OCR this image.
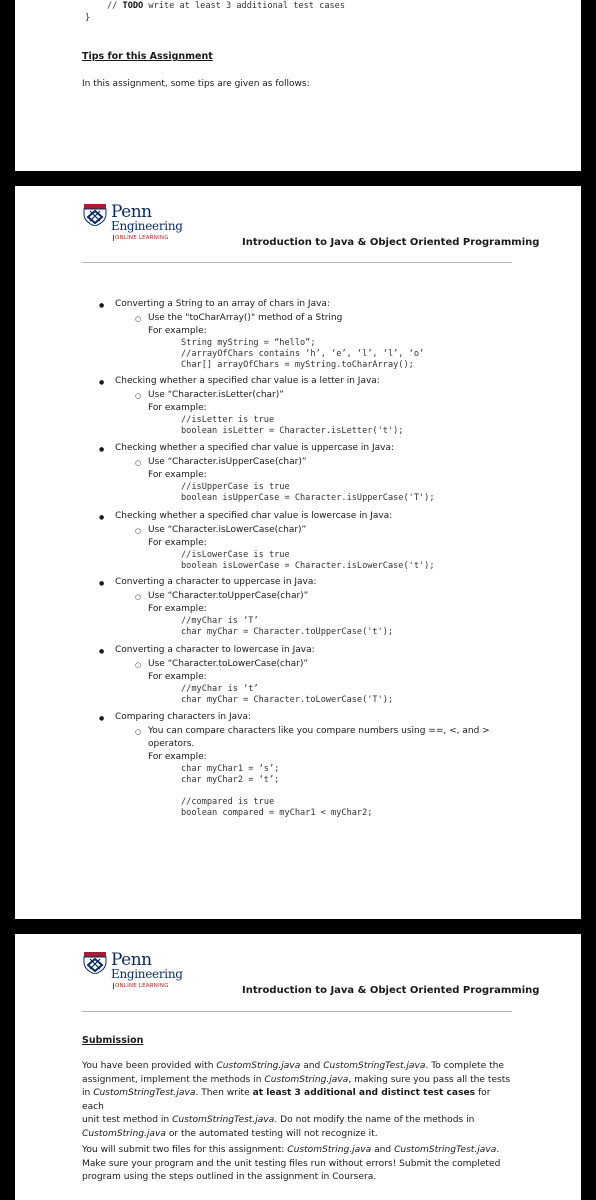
// TODO write at least 3 additional test cases
}
Tips for this Assignment
In this assignment, some tips are given as follows:
Penn
Engineering
ONLINE LEARNING	Introduction to Java & Object Oriented Programming
● Converting a String to an array of chars in Java:
○ Use the "toCharArray()" method of a String
For example:
String myString = “hello”;
//arrayOfChars contains ‘h’, ‘e’, ‘l’, ‘l’, ‘o’
Char[] arrayOfChars = myString.toCharArray();
● Checking whether a specified char value is a letter in Java:
○ Use “Character.isLetter(char)”
For example:
//isLetter is true
boolean isLetter = Character.isLetter('t');
● Checking whether a specified char value is uppercase in Java:
○ Use “Character.isUpperCase(char)”
For example:
//isUpperCase is true
boolean isUpperCase = Character.isUpperCase('T');
● Checking whether a specified char value is lowercase in Java:
○ Use “Character.isLowerCase(char)”
For example:
//isLowerCase is true
boolean isLowerCase = Character.isLowerCase('t');
● Converting a character to uppercase in Java:
○ Use “Character.toUpperCase(char)”
For example:
//myChar is ‘T’
char myChar = Character.toUpperCase('t');
● Converting a character to lowercase in Java:
○ Use “Character.toLowerCase(char)”
For example:
//myChar is ‘t’
char myChar = Character.toLowerCase('T');
● Comparing characters in Java:
○ You can compare characters like you compare numbers using ==, <, and >
operators.
For example:
char myChar1 = ‘s’;
char myChar2 = ‘t’;
//compared is true
boolean compared = myChar1 < myChar2;
Penn
Engineering
ONLINE LEARNING	Introduction to Java & Object Oriented Programming
Submission
You have been provided with CustomString.java and CustomStringTest.java. To complete the
assignment, implement the methods in CustomString.java, making sure you pass all the tests
in CustomStringTest.java. Then write at least 3 additional and distinct test cases for each
unit test method in CustomStringTest.java. Do not modify the name of the methods in
CustomString.java or the automated testing will not recognize it.
You will submit two files for this assignment: CustomString.java and CustomStringTest.java.
Make sure your program and the unit testing files run without errors! Submit the completed
program using the steps outlined in the assignment in Coursera.
